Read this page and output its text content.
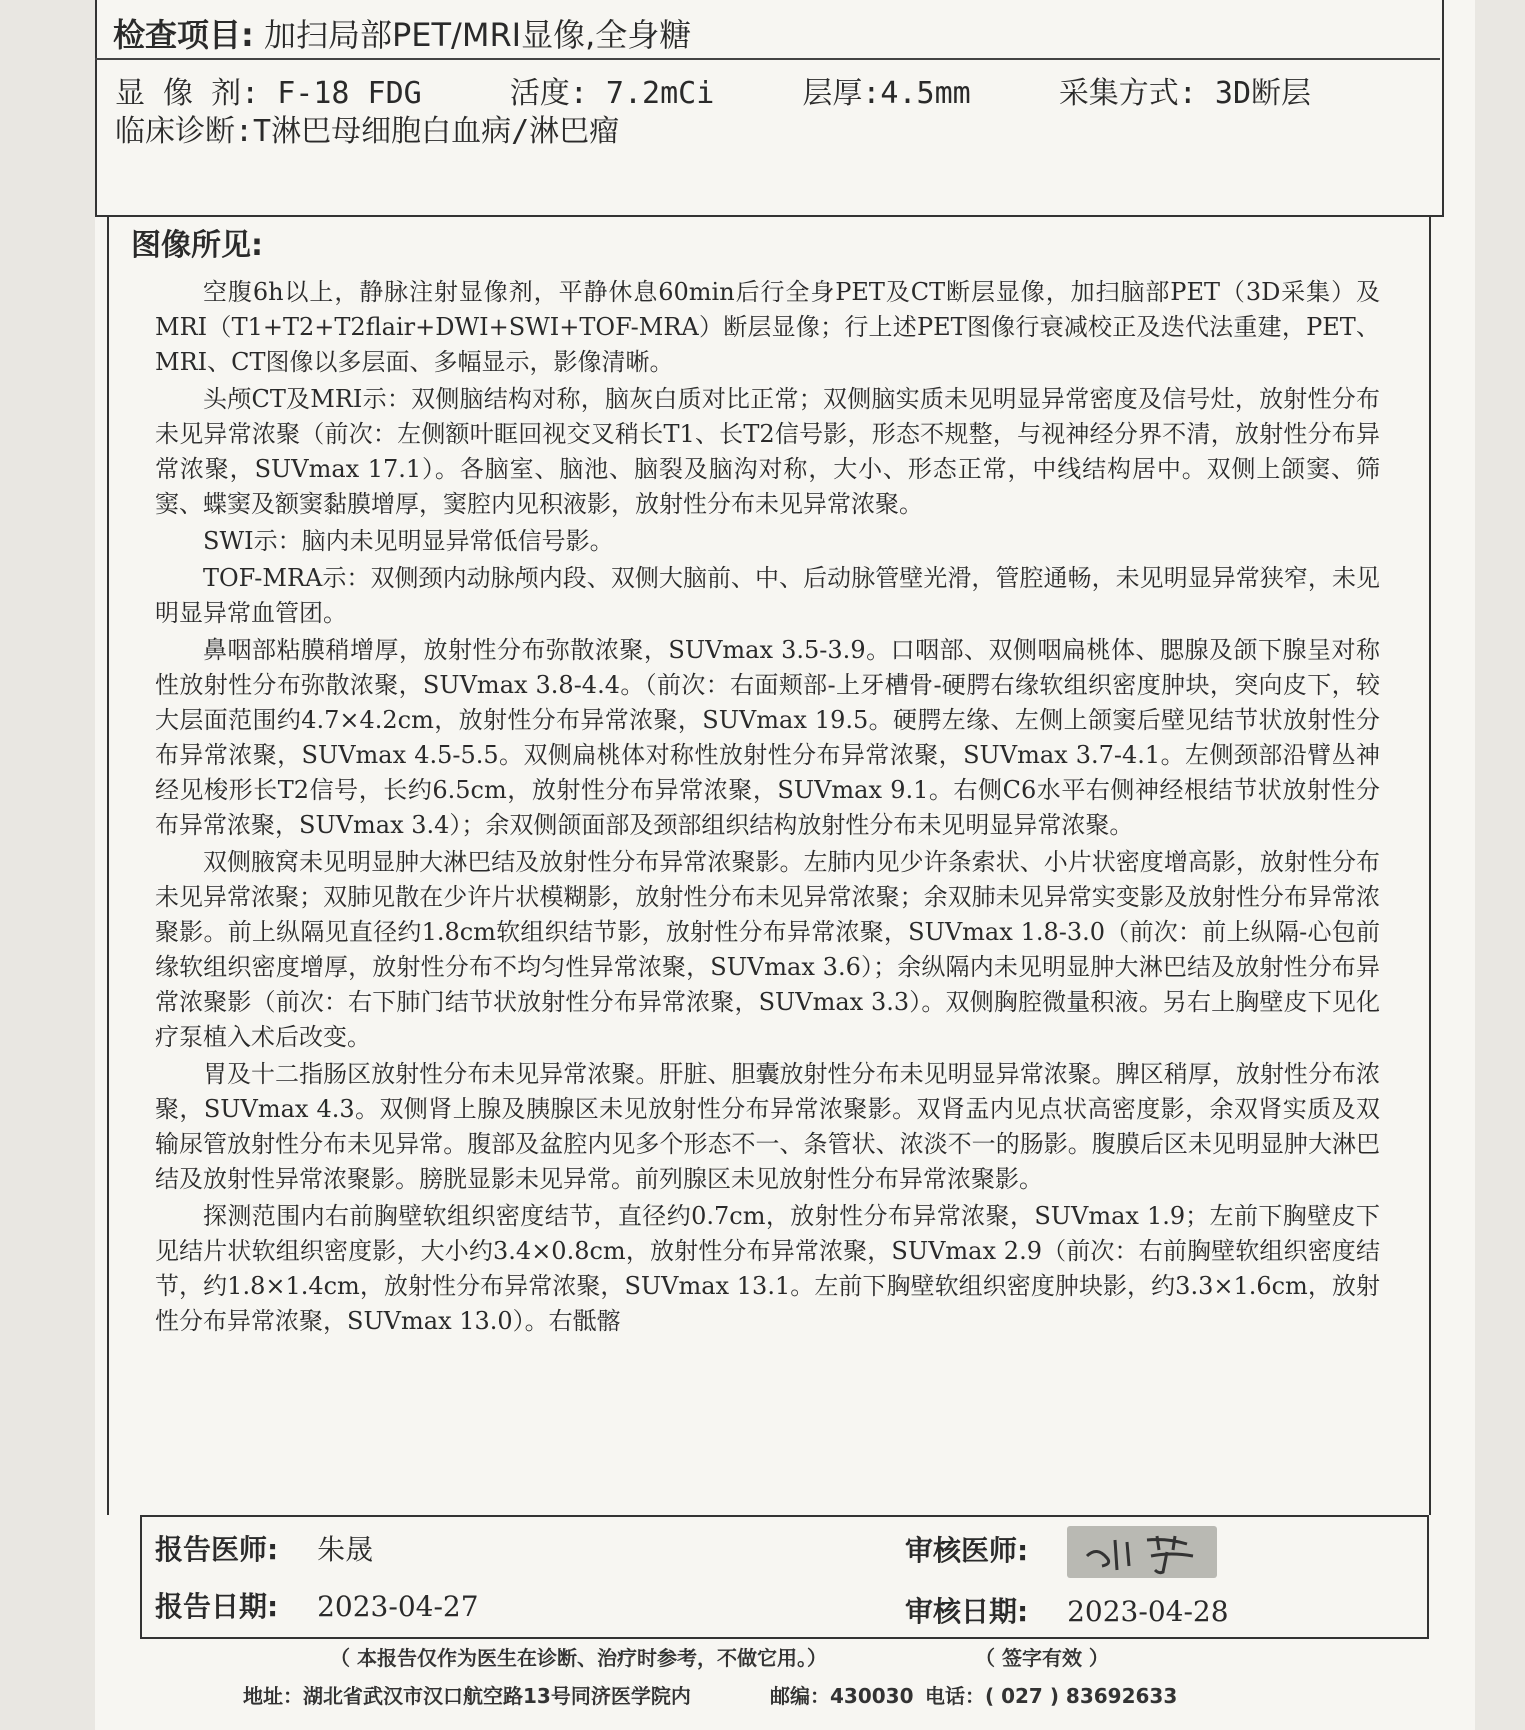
检查项目: 加扫局部PET/MRI显像,全身糖
显 像 剂: F-18 FDG	活度: 7.2mCi	层厚:4.5mm	采集方式: 3D断层
临床诊断:T淋巴母细胞白血病/淋巴瘤
图像所见:

空腹6h以上，静脉注射显像剂，平静休息60min后行全身PET及CT断层显像，加扫脑部PET（3D采集）及MRI（T1+T2+T2flair+DWI+SWI+TOF-MRA）断层显像；行上述PET图像行衰减校正及迭代法重建，PET、MRI、CT图像以多层面、多幅显示，影像清晰。

头颅CT及MRI示：双侧脑结构对称，脑灰白质对比正常；双侧脑实质未见明显异常密度及信号灶，放射性分布未见异常浓聚（前次：左侧额叶眶回视交叉稍长T1、长T2信号影，形态不规整，与视神经分界不清，放射性分布异常浓聚，SUVmax 17.1）。各脑室、脑池、脑裂及脑沟对称，大小、形态正常，中线结构居中。双侧上颌窦、筛窦、蝶窦及额窦黏膜增厚，窦腔内见积液影，放射性分布未见异常浓聚。

SWI示：脑内未见明显异常低信号影。

TOF-MRA示：双侧颈内动脉颅内段、双侧大脑前、中、后动脉管壁光滑，管腔通畅，未见明显异常狭窄，未见明显异常血管团。

鼻咽部粘膜稍增厚，放射性分布弥散浓聚，SUVmax 3.5-3.9。口咽部、双侧咽扁桃体、腮腺及颌下腺呈对称性放射性分布弥散浓聚，SUVmax 3.8-4.4。（前次：右面颊部-上牙槽骨-硬腭右缘软组织密度肿块，突向皮下，较大层面范围约4.7×4.2cm，放射性分布异常浓聚，SUVmax 19.5。硬腭左缘、左侧上颌窦后壁见结节状放射性分布异常浓聚，SUVmax 4.5-5.5。双侧扁桃体对称性放射性分布异常浓聚，SUVmax 3.7-4.1。左侧颈部沿臂丛神经见梭形长T2信号，长约6.5cm，放射性分布异常浓聚，SUVmax 9.1。右侧C6水平右侧神经根结节状放射性分布异常浓聚，SUVmax 3.4）；余双侧颌面部及颈部组织结构放射性分布未见明显异常浓聚。

双侧腋窝未见明显肿大淋巴结及放射性分布异常浓聚影。左肺内见少许条索状、小片状密度增高影，放射性分布未见异常浓聚；双肺见散在少许片状模糊影，放射性分布未见异常浓聚；余双肺未见异常实变影及放射性分布异常浓聚影。前上纵隔见直径约1.8cm软组织结节影，放射性分布异常浓聚，SUVmax 1.8-3.0（前次：前上纵隔-心包前缘软组织密度增厚，放射性分布不均匀性异常浓聚，SUVmax 3.6）；余纵隔内未见明显肿大淋巴结及放射性分布异常浓聚影（前次：右下肺门结节状放射性分布异常浓聚，SUVmax 3.3）。双侧胸腔微量积液。另右上胸壁皮下见化疗泵植入术后改变。

胃及十二指肠区放射性分布未见异常浓聚。肝脏、胆囊放射性分布未见明显异常浓聚。脾区稍厚，放射性分布浓聚，SUVmax 4.3。双侧肾上腺及胰腺区未见放射性分布异常浓聚影。双肾盂内见点状高密度影，余双肾实质及双输尿管放射性分布未见异常。腹部及盆腔内见多个形态不一、条管状、浓淡不一的肠影。腹膜后区未见明显肿大淋巴结及放射性异常浓聚影。膀胱显影未见异常。前列腺区未见放射性分布异常浓聚影。

探测范围内右前胸壁软组织密度结节，直径约0.7cm，放射性分布异常浓聚，SUVmax 1.9；左前下胸壁皮下见结片状软组织密度影，大小约3.4×0.8cm，放射性分布异常浓聚，SUVmax 2.9（前次：右前胸壁软组织密度结节，约1.8×1.4cm，放射性分布异常浓聚，SUVmax 13.1。左前下胸壁软组织密度肿块影，约3.3×1.6cm，放射性分布异常浓聚，SUVmax 13.0）。右骶髂

报告医师: 朱晟	审核医师:
报告日期: 2023-04-27	审核日期: 2023-04-28
（ 本报告仅作为医生在诊断、治疗时参考，不做它用。）	（ 签字有效 ）
地址：湖北省武汉市汉口航空路13号同济医学院内	邮编：430030 电话：( 027 ) 83692633
